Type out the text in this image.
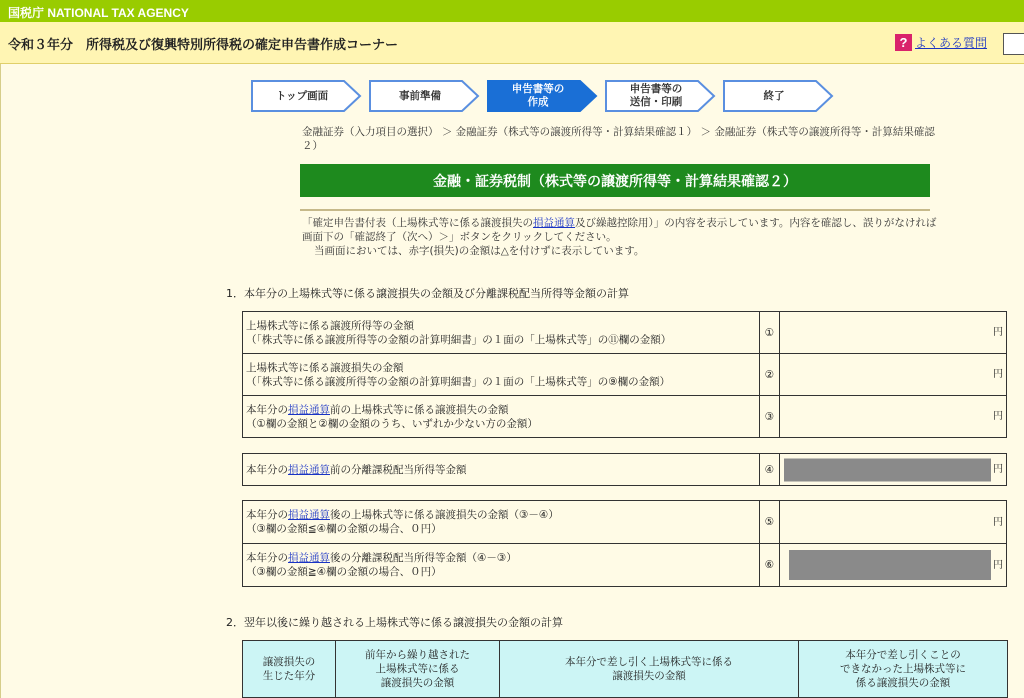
国税庁 NATIONAL TAX AGENCY
令和３年分　所得税及び復興特別所得税の確定申告書作成コーナー	? よくある質問
トップ画面	事前準備
申告書等の
作成
申告書等の
送信・印刷
終了
金融証券（入力項目の選択） ＞ 金融証券（株式等の譲渡所得等・計算結果確認１） ＞ 金融証券（株式等の譲渡所得等・計算結果確認２）
金融・証券税制（株式等の譲渡所得等・計算結果確認２）
「確定申告書付表（上場株式等に係る譲渡損失の損益通算及び繰越控除用）」の内容を表示しています。内容を確認し、誤りがなければ画面下の「確認終了（次へ）＞」ボタンをクリックしてください。
当画面においては、赤字(損失)の金額は△を付けずに表示しています。
1．本年分の上場株式等に係る譲渡損失の金額及び分離課税配当所得等金額の計算
上場株式等に係る譲渡所得等の金額
（「株式等に係る譲渡所得等の金額の計算明細書」の１面の「上場株式等」の⑪欄の金額）	①	円

上場株式等に係る譲渡損失の金額
（「株式等に係る譲渡所得等の金額の計算明細書」の１面の「上場株式等」の⑨欄の金額）	②	円

本年分の損益通算前の上場株式等に係る譲渡損失の金額
（①欄の金額と②欄の金額のうち、いずれか少ない方の金額）	③	円
本年分の損益通算前の分離課税配当所得等金額	④	円
本年分の損益通算後の上場株式等に係る譲渡損失の金額（③－④）
（③欄の金額≦④欄の金額の場合、０円）	⑤	円

本年分の損益通算後の分離課税配当所得等金額（④－③）
（③欄の金額≧④欄の金額の場合、０円）	⑥	円
2．翌年以後に繰り越される上場株式等に係る譲渡損失の金額の計算
譲渡損失の
生じた年分	前年から繰り越された
上場株式等に係る
譲渡損失の金額	本年分で差し引く上場株式等に係る
譲渡損失の金額	本年分で差し引くことの
できなかった上場株式等に
係る譲渡損失の金額
